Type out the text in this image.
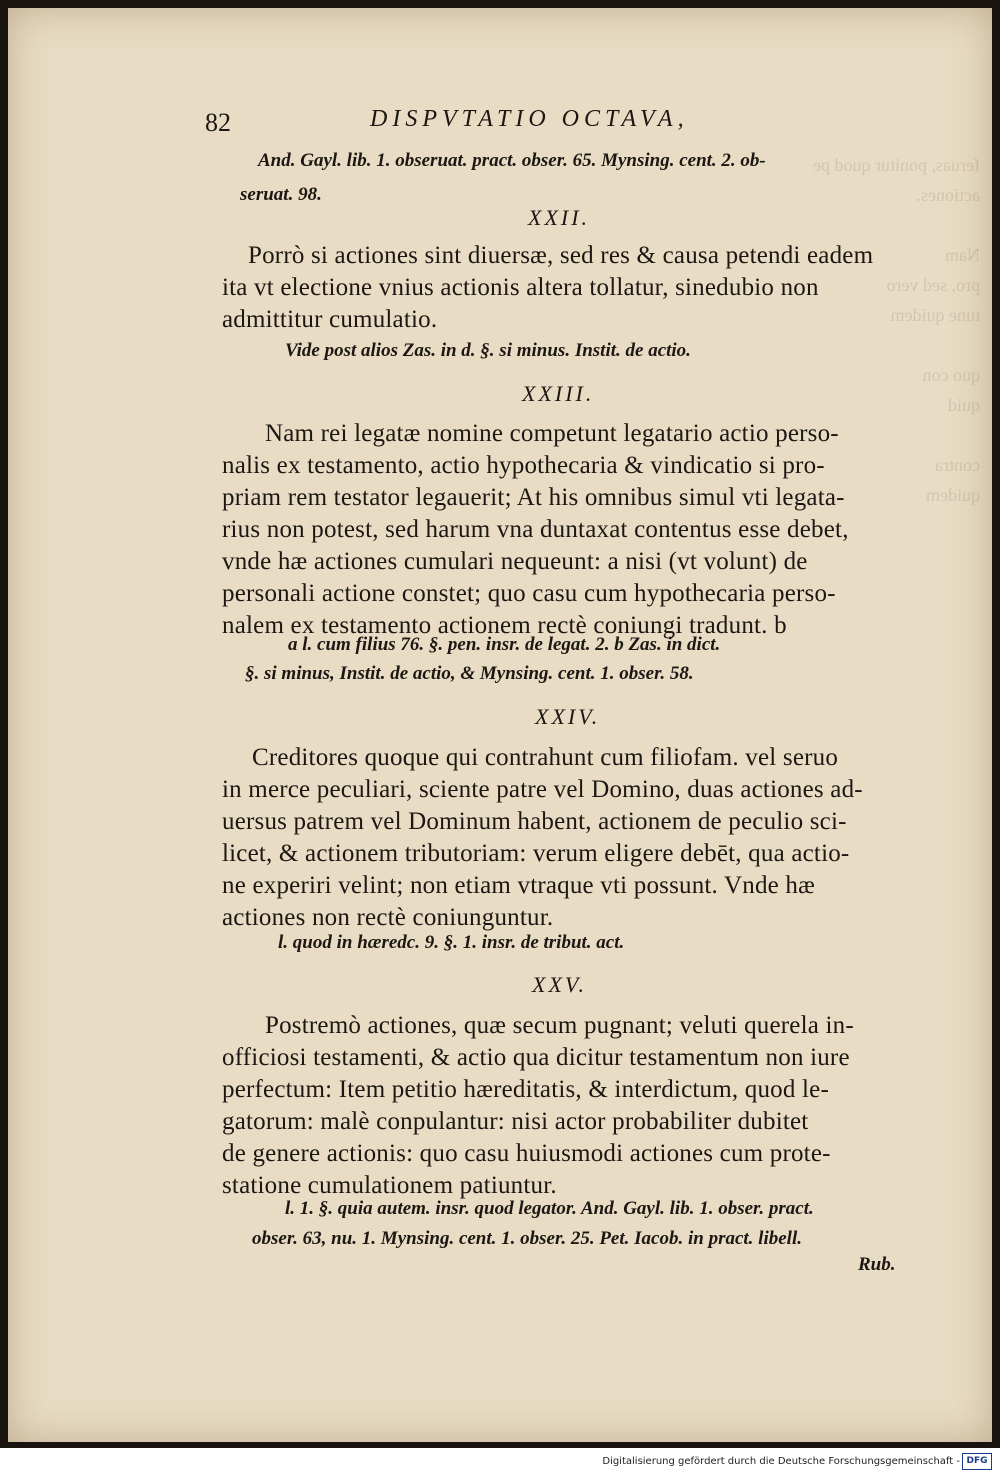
feruas, ponitur quod pe
actiones.

Nam
pro, sed vero
tune quidem

quo con
quid

contra
quidem

82	DISPVTATIO OCTAVA,
And. Gayl. lib. 1. obseruat. pract. obser. 65. Mynsing. cent. 2. ob-
seruat. 98.
XXII.
Porrò si actiones sint diuersæ, sed res & causa petendi eadem
ita vt electione vnius actionis altera tollatur, sinedubio non
admittitur cumulatio.
Vide post alios Zas. in d. §. si minus. Instit. de actio.
XXIII.
Nam rei legatæ nomine competunt legatario actio perso-
nalis ex testamento, actio hypothecaria & vindicatio si pro-
priam rem testator legauerit; At his omnibus simul vti legata-
rius non potest, sed harum vna duntaxat contentus esse debet,
vnde hæ actiones cumulari nequeunt: a nisi (vt volunt) de
personali actione constet; quo casu cum hypothecaria perso-
nalem ex testamento actionem rectè coniungi tradunt. b
a l. cum filius 76. §. pen. insr. de legat. 2. b Zas. in dict.
§. si minus, Instit. de actio, & Mynsing. cent. 1. obser. 58.
XXIV.
Creditores quoque qui contrahunt cum filiofam. vel seruo
in merce peculiari, sciente patre vel Domino, duas actiones ad-
uersus patrem vel Dominum habent, actionem de peculio sci-
licet, & actionem tributoriam: verum eligere debēt, qua actio-
ne experiri velint; non etiam vtraque vti possunt. Vnde hæ
actiones non rectè coniunguntur.
l. quod in hæredc. 9. §. 1. insr. de tribut. act.
XXV.
Postremò actiones, quæ secum pugnant; veluti querela in-
officiosi testamenti, & actio qua dicitur testamentum non iure
perfectum: Item petitio hæreditatis, & interdictum, quod le-
gatorum: malè conpulantur: nisi actor probabiliter dubitet
de genere actionis: quo casu huiusmodi actiones cum prote-
statione cumulationem patiuntur.
l. 1. §. quia autem. insr. quod legator. And. Gayl. lib. 1. obser. pract.
obser. 63, nu. 1. Mynsing. cent. 1. obser. 25. Pet. Iacob. in pract. libell.
Rub.
Digitalisierung gefördert durch die Deutsche Forschungsgemeinschaft - DFG
